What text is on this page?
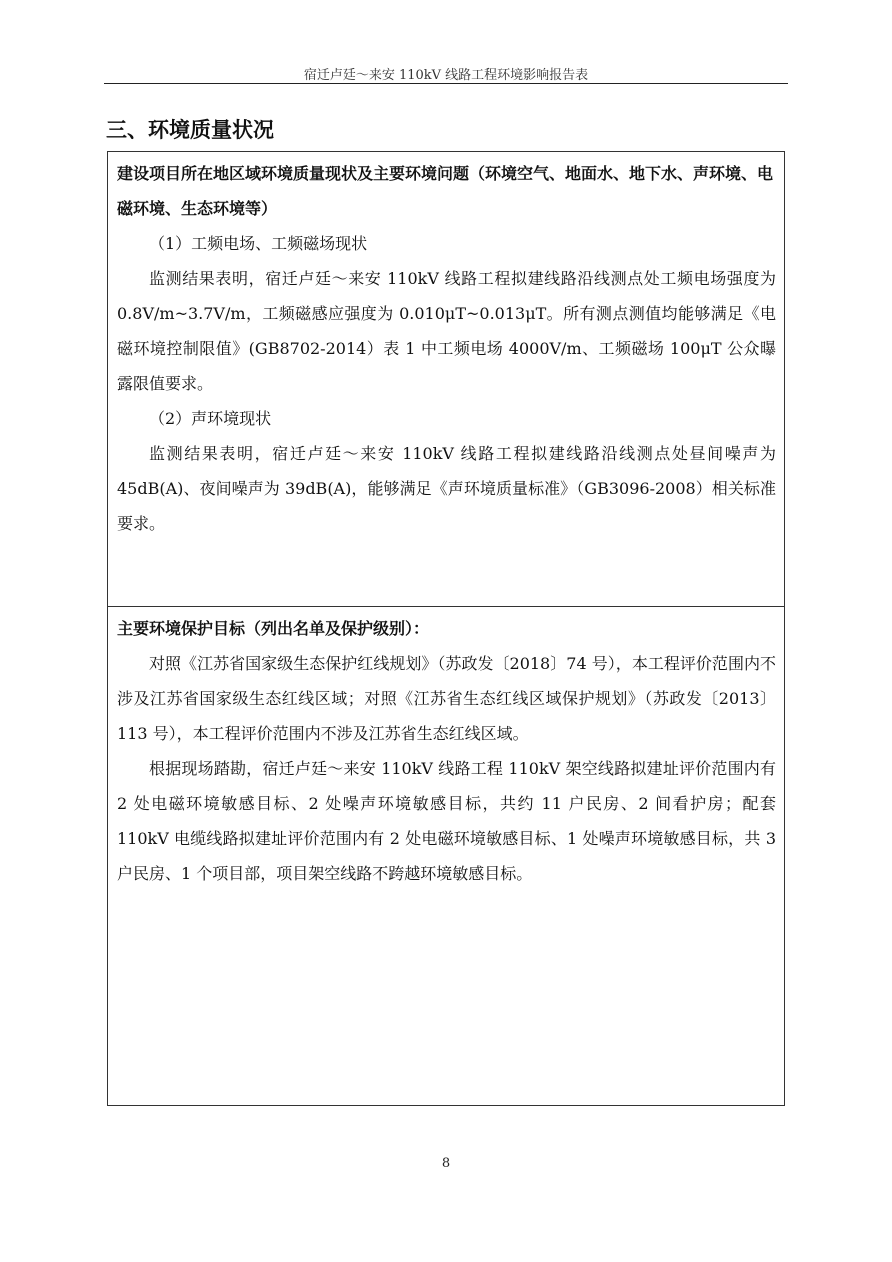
宿迁卢廷～来安 110kV 线路工程环境影响报告表
三、环境质量状况
建设项目所在地区域环境质量现状及主要环境问题（环境空气、地面水、地下水、声环境、电磁环境、生态环境等）
（1）工频电场、工频磁场现状
监测结果表明，宿迁卢廷～来安 110kV 线路工程拟建线路沿线测点处工频电场强度为 0.8V/m~3.7V/m，工频磁感应强度为 0.010μT~0.013μT。所有测点测值均能够满足《电磁环境控制限值》(GB8702-2014）表 1 中工频电场 4000V/m、工频磁场 100μT 公众曝露限值要求。
（2）声环境现状
监测结果表明，宿迁卢廷～来安 110kV 线路工程拟建线路沿线测点处昼间噪声为 45dB(A)、夜间噪声为 39dB(A)，能够满足《声环境质量标准》（GB3096-2008）相关标准要求。
主要环境保护目标（列出名单及保护级别）：
对照《江苏省国家级生态保护红线规划》（苏政发〔2018〕74 号），本工程评价范围内不涉及江苏省国家级生态红线区域；对照《江苏省生态红线区域保护规划》（苏政发〔2013〕113 号），本工程评价范围内不涉及江苏省生态红线区域。
根据现场踏勘，宿迁卢廷～来安 110kV 线路工程 110kV 架空线路拟建址评价范围内有 2 处电磁环境敏感目标、2 处噪声环境敏感目标，共约 11 户民房、2 间看护房；配套 110kV 电缆线路拟建址评价范围内有 2 处电磁环境敏感目标、1 处噪声环境敏感目标，共 3 户民房、1 个项目部，项目架空线路不跨越环境敏感目标。
8
